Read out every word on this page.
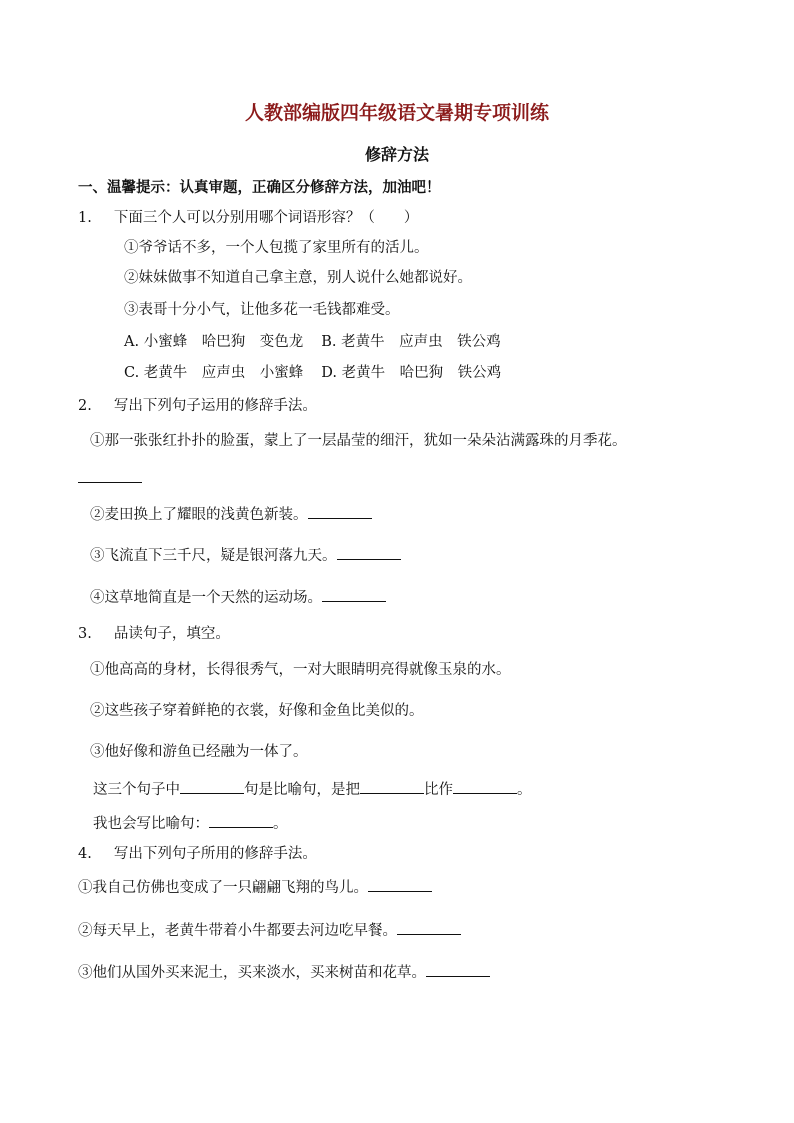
人教部编版四年级语文暑期专项训练
修辞方法
一、温馨提示：认真审题，正确区分修辞方法，加油吧！
1. 下面三个人可以分别用哪个词语形容？（　　）
①爷爷话不多，一个人包揽了家里所有的活儿。
②妹妹做事不知道自己拿主意，别人说什么她都说好。
③表哥十分小气，让他多花一毛钱都难受。
A. 小蜜蜂　哈巴狗　变色龙 B. 老黄牛　应声虫　铁公鸡
C. 老黄牛　应声虫　小蜜蜂 D. 老黄牛　哈巴狗　铁公鸡
2. 写出下列句子运用的修辞手法。
①那一张张红扑扑的脸蛋，蒙上了一层晶莹的细汗，犹如一朵朵沾满露珠的月季花。
②麦田换上了耀眼的浅黄色新装。
③飞流直下三千尺，疑是银河落九天。
④这草地简直是一个天然的运动场。
3. 品读句子，填空。
①他高高的身材，长得很秀气，一对大眼睛明亮得就像玉泉的水。
②这些孩子穿着鲜艳的衣裳，好像和金鱼比美似的。
③他好像和游鱼已经融为一体了。
这三个句子中	句是比喻句，是把	比作	。
我也会写比喻句：	。
4. 写出下列句子所用的修辞手法。
①我自己仿佛也变成了一只翩翩飞翔的鸟儿。
②每天早上，老黄牛带着小牛都要去河边吃早餐。
③他们从国外买来泥土，买来淡水，买来树苗和花草。
